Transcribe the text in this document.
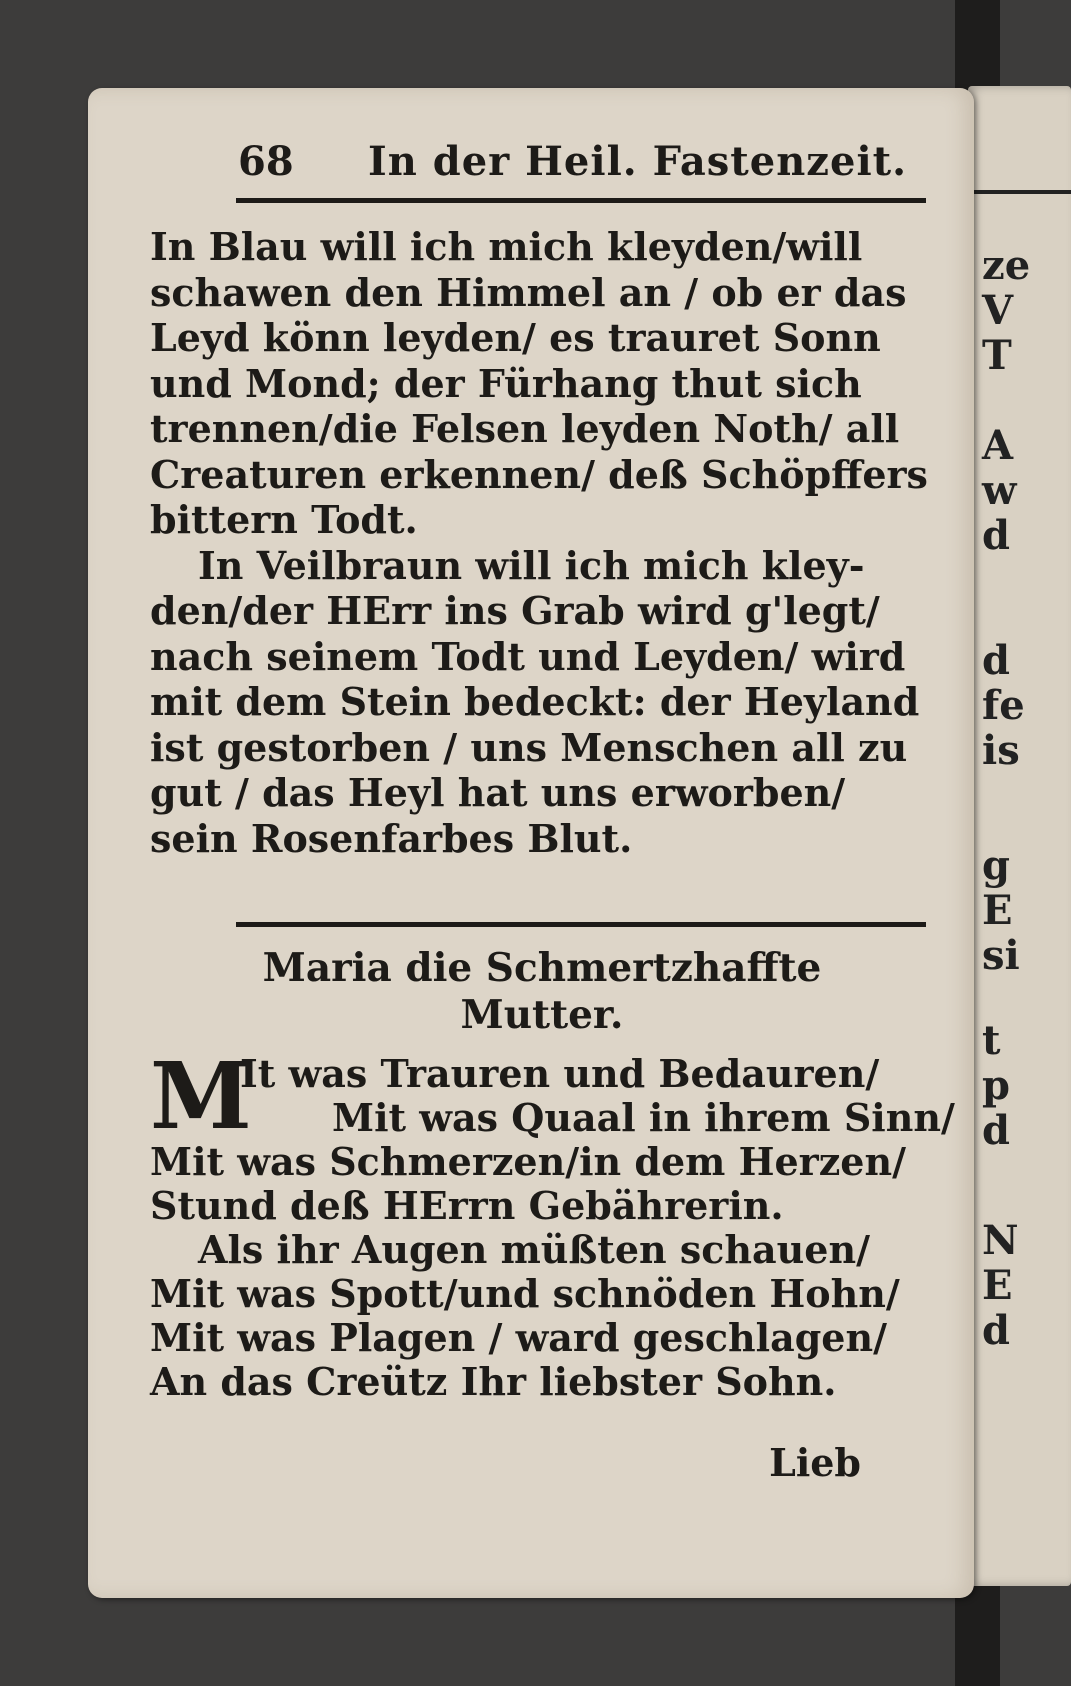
ze
V
T
A
w
d
d
fe
is
g
E
si
t
p
d
N
E
d
68 In der Heil. Fastenzeit.
In Blau will ich mich kleyden/will
schawen den Himmel an / ob er das
Leyd könn leyden/ es trauret Sonn
und Mond; der Fürhang thut sich
trennen/die Felsen leyden Noth/ all
Creaturen erkennen/ deß Schöpffers
bittern Todt.
In Veilbraun will ich mich kley-
den/der HErr ins Grab wird g'legt/
nach seinem Todt und Leyden/ wird
mit dem Stein bedeckt: der Heyland
ist gestorben / uns Menschen all zu
gut / das Heyl hat uns erworben/
sein Rosenfarbes Blut.
Maria die Schmertzhaffte
Mutter.
M
It was Trauren und Bedauren/
Mit was Quaal in ihrem Sinn/
Mit was Schmerzen/in dem Herzen/
Stund deß HErrn Gebährerin.
Als ihr Augen müßten schauen/
Mit was Spott/und schnöden Hohn/
Mit was Plagen / ward geschlagen/
An das Creütz Ihr liebster Sohn.
Lieb
